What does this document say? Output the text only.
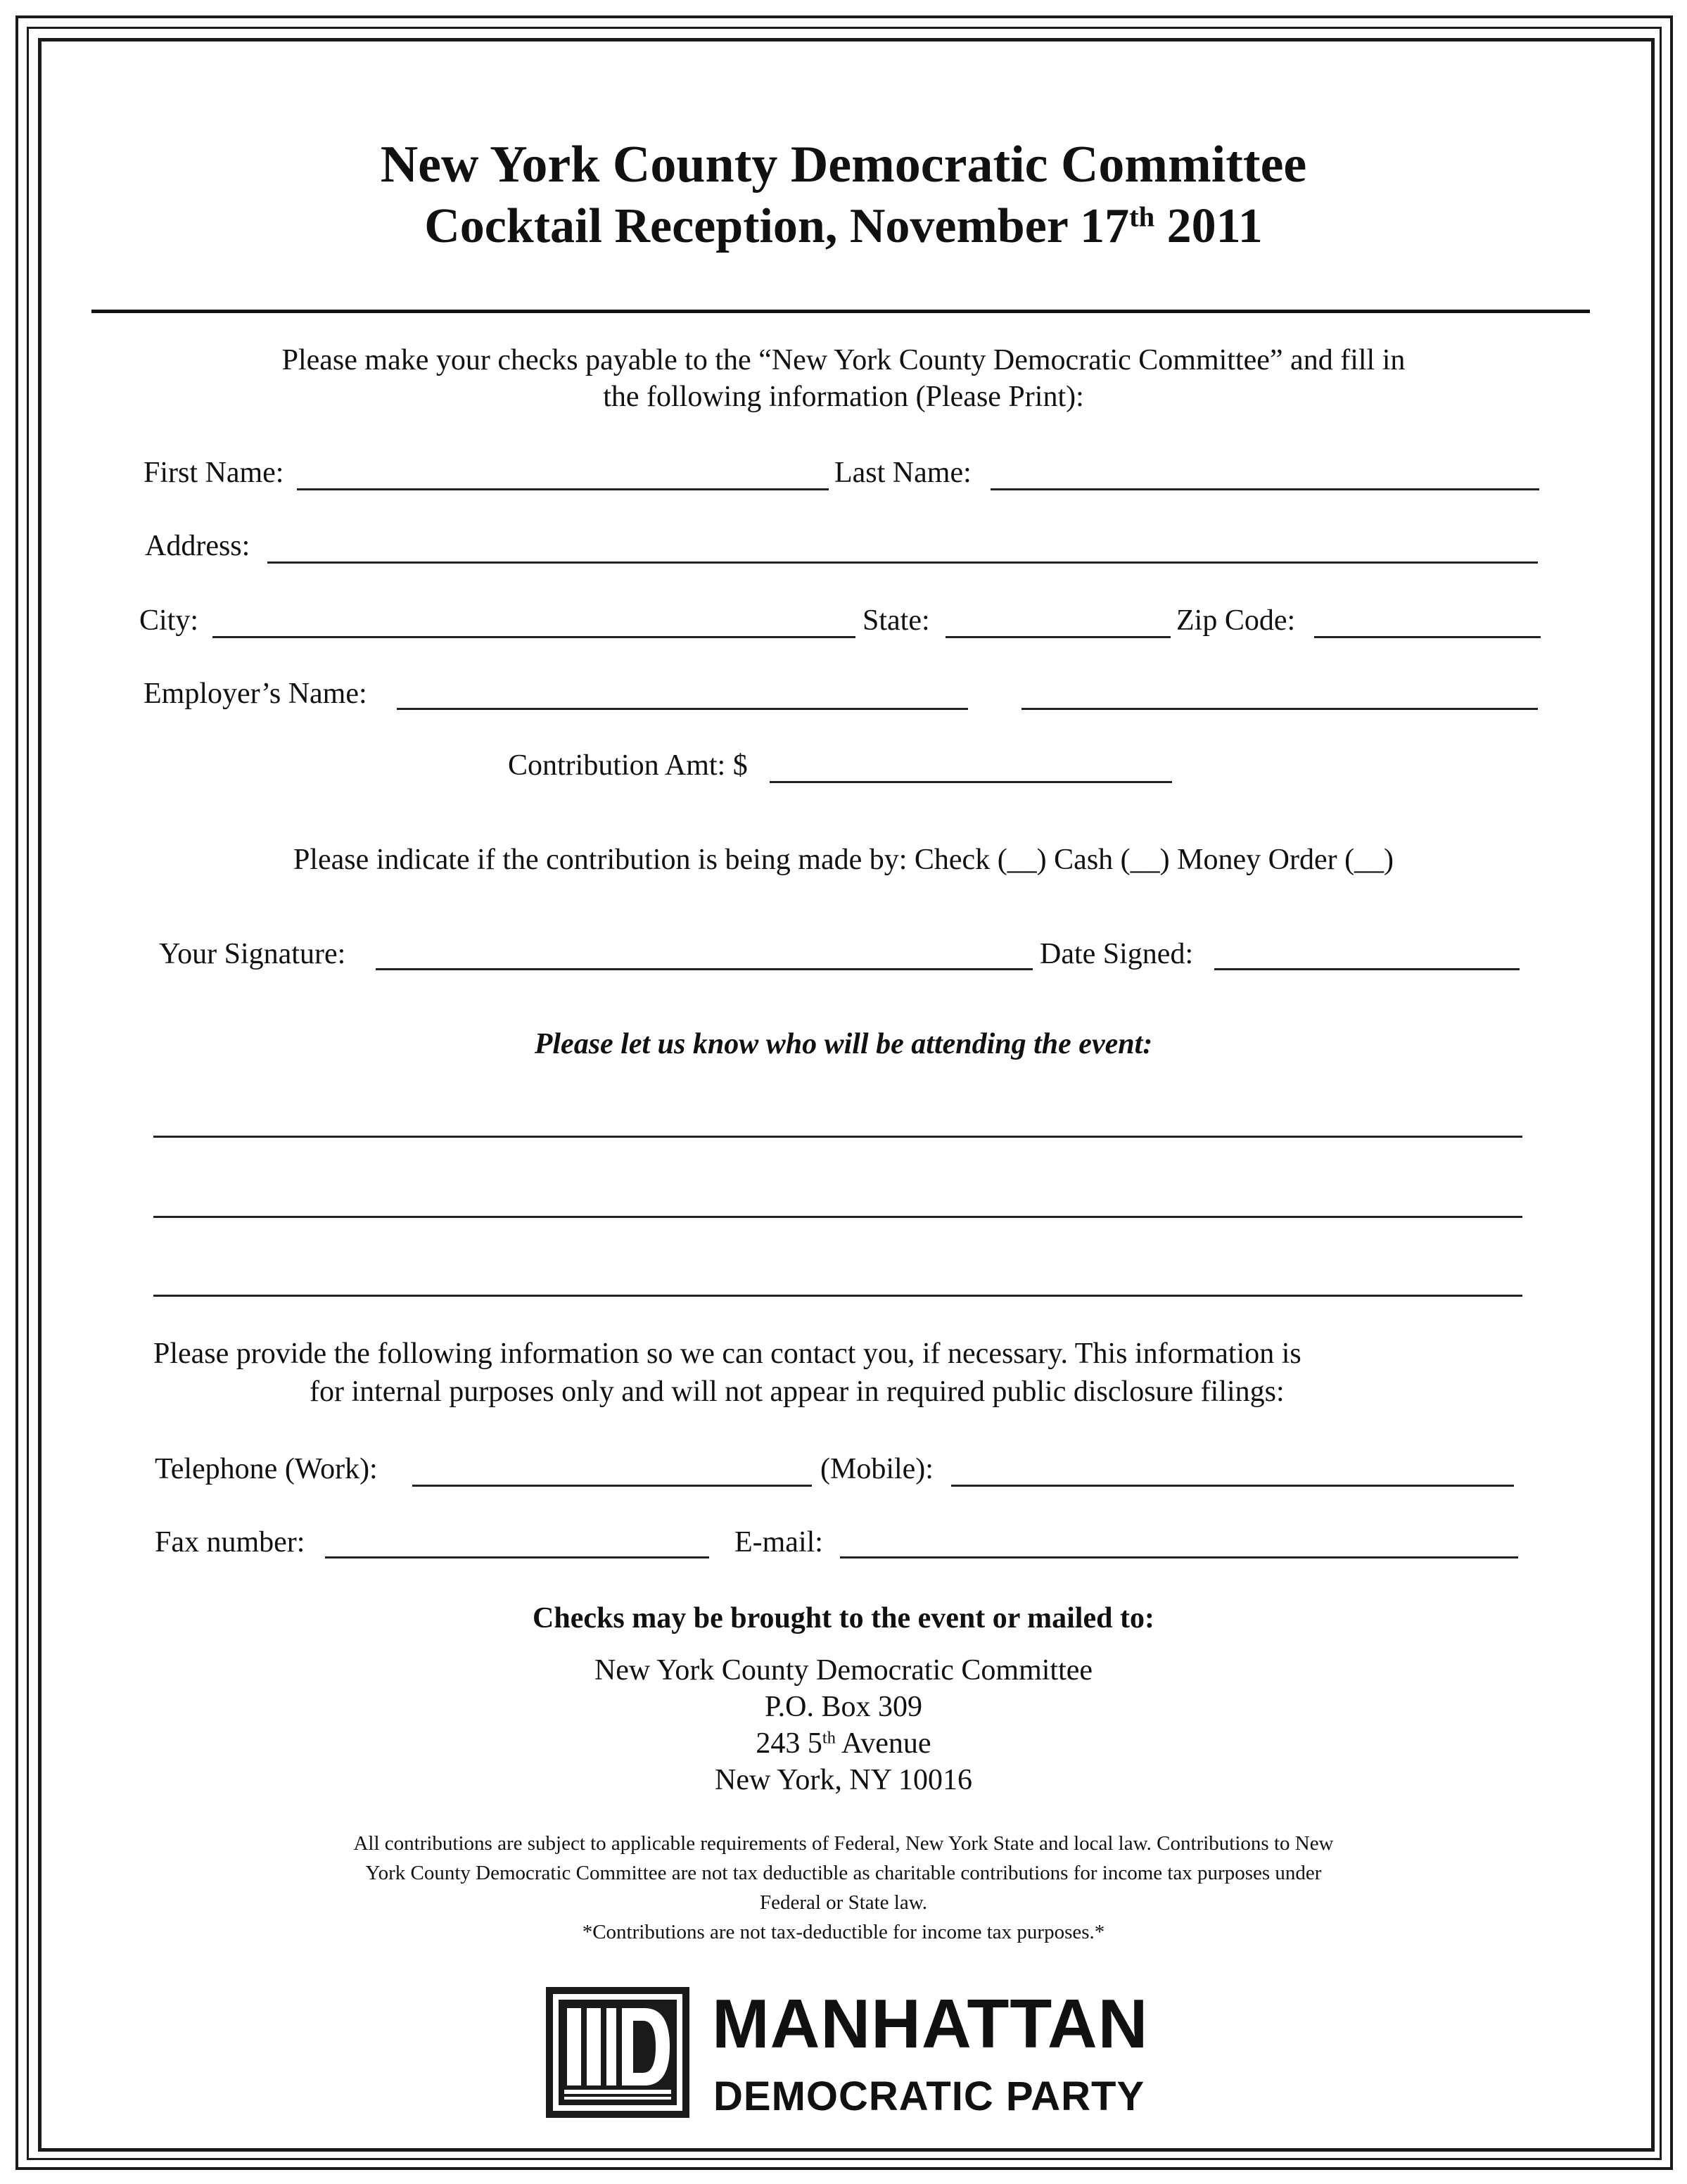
New York County Democratic Committee
Cocktail Reception, November 17th 2011
Please make your checks payable to the “New York County Democratic Committee” and fill in
the following information (Please Print):
First Name:	Last Name:
Address:
City:	State:	Zip Code:
Employer’s Name:
Contribution Amt: $
Please indicate if the contribution is being made by: Check (__) Cash (__) Money Order (__)
Your Signature:	Date Signed:
Please let us know who will be attending the event:
Please provide the following information so we can contact you, if necessary. This information is
for internal purposes only and will not appear in required public disclosure filings:
Telephone (Work):	(Mobile):
Fax number:	E-mail:
Checks may be brought to the event or mailed to:
New York County Democratic Committee
P.O. Box 309
243 5th Avenue
New York, NY 10016
All contributions are subject to applicable requirements of Federal, New York State and local law. Contributions to New
York County Democratic Committee are not tax deductible as charitable contributions for income tax purposes under
Federal or State law.
*Contributions are not tax-deductible for income tax purposes.*
MANHATTAN
DEMOCRATIC PARTY
